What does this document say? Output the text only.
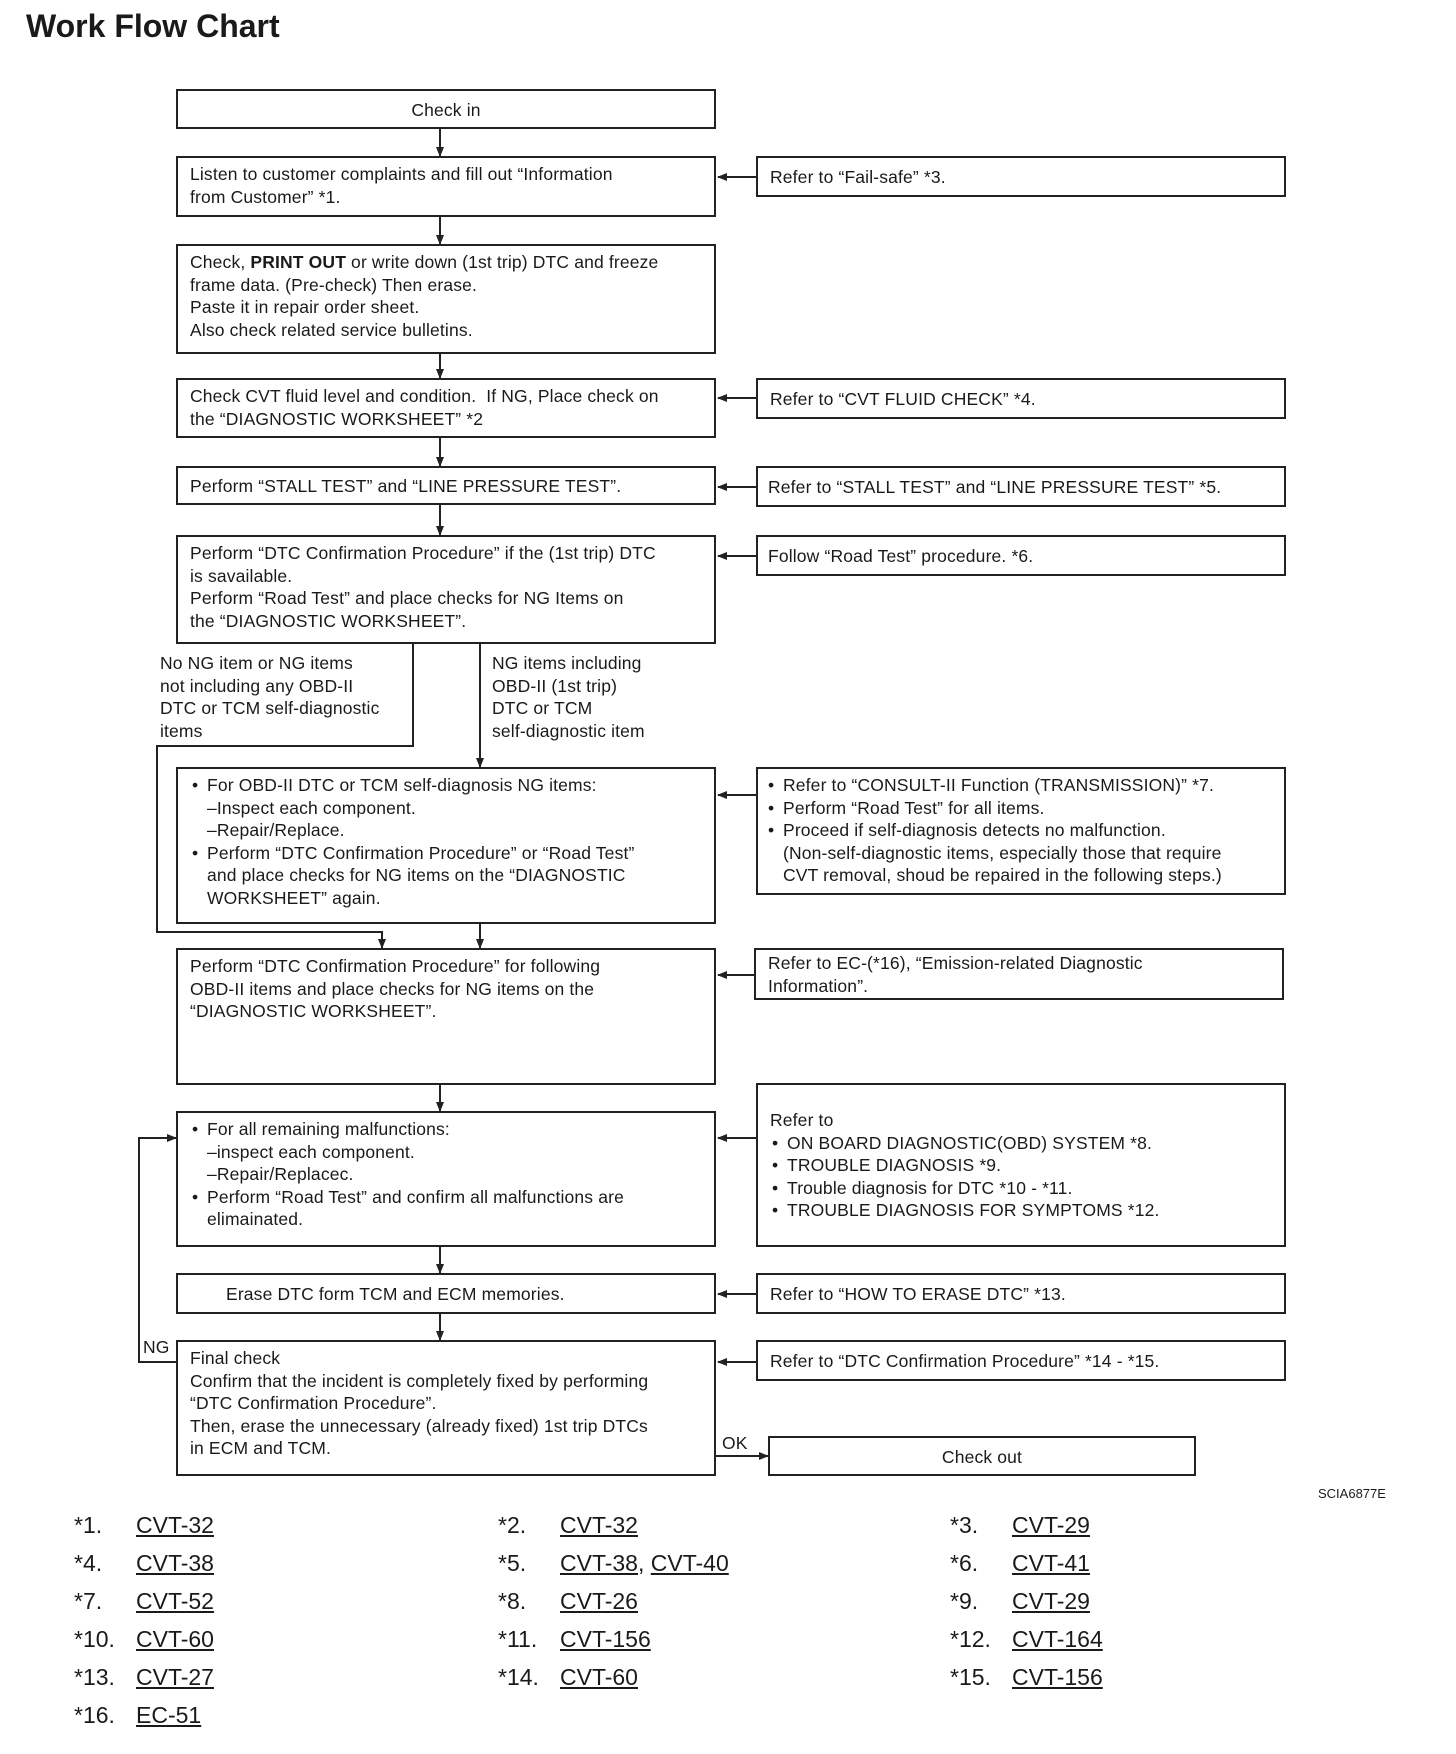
Work Flow Chart

Check in

Listen to customer complaints and fill out “Information

from Customer” *1.

Check, PRINT OUT or write down (1st trip) DTC and freeze

frame data. (Pre-check) Then erase.

Paste it in repair order sheet.

Also check related service bulletins.

Check CVT fluid level and condition.  If NG, Place check on

the “DIAGNOSTIC WORKSHEET” *2

Perform “STALL TEST” and “LINE PRESSURE TEST”.

Perform “DTC Confirmation Procedure” if the (1st trip) DTC

is savailable.

Perform “Road Test” and place checks for NG Items on

the “DIAGNOSTIC WORKSHEET”.

No NG item or NG items
not including any OBD-II
DTC or TCM self-diagnostic
items
NG items including
OBD-II (1st trip)
DTC or TCM
self-diagnostic item
• For OBD-II DTC or TCM self-diagnosis NG items:
–Inspect each component.
–Repair/Replace.
• Perform “DTC Confirmation Procedure” or “Road Test”
and place checks for NG items on the “DIAGNOSTIC
WORKSHEET” again.

Perform “DTC Confirmation Procedure” for following

OBD-II items and place checks for NG items on the

“DIAGNOSTIC WORKSHEET”.

• For all remaining malfunctions:
–inspect each component.
–Repair/Replacec.
• Perform “Road Test” and confirm all malfunctions are
elimainated.

Erase DTC form TCM and ECM memories.

Final check

Confirm that the incident is completely fixed by performing

“DTC Confirmation Procedure”.

Then, erase the unnecessary (already fixed) 1st trip DTCs

in ECM and TCM.

NG
OK

Check out

Refer to “Fail-safe” *3.

Refer to “CVT FLUID CHECK” *4.

Refer to “STALL TEST” and “LINE PRESSURE TEST” *5.

Follow “Road Test” procedure. *6.

• Refer to “CONSULT-II Function (TRANSMISSION)” *7.
• Perform “Road Test” for all items.
• Proceed if self-diagnosis detects no malfunction.
(Non-self-diagnostic items, especially those that require
CVT removal, shoud be repaired in the following steps.)

Refer to EC-(*16), “Emission-related Diagnostic

Information”.

Refer to

• ON BOARD DIAGNOSTIC(OBD) SYSTEM *8.
• TROUBLE DIAGNOSIS *9.
• Trouble diagnosis for DTC *10 - *11.
• TROUBLE DIAGNOSIS FOR SYMPTOMS *12.

Refer to “HOW TO ERASE DTC” *13.

Refer to “DTC Confirmation Procedure” *14 - *15.

SCIA6877E
*1. CVT-32	*2. CVT-32	*3. CVT-29
*4. CVT-38	*5. CVT-38, CVT-40	*6. CVT-41
*7. CVT-52	*8. CVT-26	*9. CVT-29
*10. CVT-60	*11. CVT-156	*12. CVT-164
*13. CVT-27	*14. CVT-60	*15. CVT-156
*16. EC-51
